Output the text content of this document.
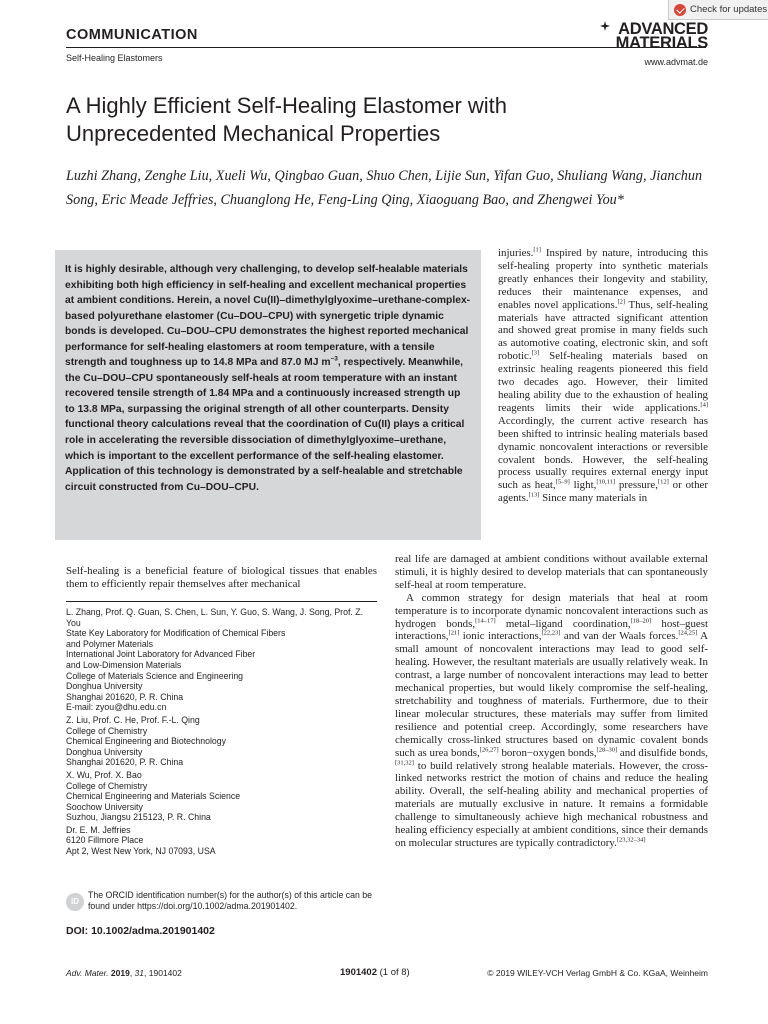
Check for updates
COMMUNICATION
Self-Healing Elastomers
ADVANCED
MATERIALS
www.advmat.de
A Highly Efficient Self-Healing Elastomer with Unprecedented Mechanical Properties
Luzhi Zhang, Zenghe Liu, Xueli Wu, Qingbao Guan, Shuo Chen, Lijie Sun, Yifan Guo, Shuliang Wang, Jianchun Song, Eric Meade Jeffries, Chuanglong He, Feng-Ling Qing, Xiaoguang Bao, and Zhengwei You*
It is highly desirable, although very challenging, to develop self-healable materials exhibiting both high efficiency in self-healing and excellent mechanical properties at ambient conditions. Herein, a novel Cu(II)–dimethylglyoxime–urethane-complex-based polyurethane elastomer (Cu–DOU–CPU) with synergetic triple dynamic bonds is developed. Cu–DOU–CPU demonstrates the highest reported mechanical performance for self-healing elastomers at room temperature, with a tensile strength and toughness up to 14.8 MPa and 87.0 MJ $m^{-3}$, respectively. Meanwhile, the Cu–DOU–CPU spontaneously self-heals at room temperature with an instant recovered tensile strength of 1.84 MPa and a continuously increased strength up to 13.8 MPa, surpassing the original strength of all other counterparts. Density functional theory calculations reveal that the coordination of Cu(II) plays a critical role in accelerating the reversible dissociation of dimethylglyoxime–urethane, which is important to the excellent performance of the self-healing elastomer. Application of this technology is demonstrated by a self-healable and stretchable circuit constructed from Cu–DOU–CPU.

injuries.[1] Inspired by nature, introducing this self-healing property into synthetic materials greatly enhances their longevity and stability, reduces their maintenance expenses, and enables novel applications.[2] Thus, self-healing materials have attracted significant attention and showed great promise in many fields such as automotive coating, electronic skin, and soft robotic.[3] Self-healing materials based on extrinsic healing reagents pioneered this field two decades ago. However, their limited healing ability due to the exhaustion of healing reagents limits their wide applications.[4] Accordingly, the current active research has been shifted to intrinsic healing materials based dynamic noncovalent interactions or reversible covalent bonds. However, the self-healing process usually requires external energy input such as heat,[5–9] light,[10,11] pressure,[12] or other agents.[13] Since many materials in

Self-healing is a beneficial feature of biological tissues that enables them to efficiently repair themselves after mechanical

L. Zhang, Prof. Q. Guan, S. Chen, L. Sun, Y. Guo, S. Wang, J. Song, Prof. Z. You
State Key Laboratory for Modification of Chemical Fibers
and Polymer Materials
International Joint Laboratory for Advanced Fiber
and Low-Dimension Materials
College of Materials Science and Engineering
Donghua University
Shanghai 201620, P. R. China
E-mail: zyou@dhu.edu.cn
Z. Liu, Prof. C. He, Prof. F.-L. Qing
College of Chemistry
Chemical Engineering and Biotechnology
Donghua University
Shanghai 201620, P. R. China
X. Wu, Prof. X. Bao
College of Chemistry
Chemical Engineering and Materials Science
Soochow University
Suzhou, Jiangsu 215123, P. R. China
Dr. E. M. Jeffries
6120 Fillmore Place
Apt 2, West New York, NJ 07093, USA
iD
The ORCID identification number(s) for the author(s) of this article can be found under https://doi.org/10.1002/adma.201901402.
DOI: 10.1002/adma.201901402

real life are damaged at ambient conditions without available external stimuli, it is highly desired to develop materials that can spontaneously self-heal at room temperature.

A common strategy for design materials that heal at room temperature is to incorporate dynamic noncovalent interactions such as hydrogen bonds,[14–17] metal–ligand coordination,[18–20] host–guest interactions,[21] ionic interactions,[22,23] and van der Waals forces.[24,25] A small amount of noncovalent interactions may lead to good self-healing. However, the resultant materials are usually relatively weak. In contrast, a large number of noncovalent interactions may lead to better mechanical properties, but would likely compromise the self-healing, stretchability and toughness of materials. Furthermore, due to their linear molecular structures, these materials may suffer from limited resilience and potential creep. Accordingly, some researchers have chemically cross-linked structures based on dynamic covalent bonds such as urea bonds,[26,27] boron−oxygen bonds,[28–30] and disulfide bonds,[31,32] to build relatively strong healable materials. However, the cross-linked networks restrict the motion of chains and reduce the healing ability. Overall, the self-healing ability and mechanical properties of materials are mutually exclusive in nature. It remains a formidable challenge to simultaneously achieve high mechanical robustness and healing efficiency especially at ambient conditions, since their demands on molecular structures are typically contradictory.[23,32–34]

Adv. Mater. 2019, 31, 1901402	1901402 (1 of 8)	© 2019 WILEY-VCH Verlag GmbH & Co. KGaA, Weinheim
